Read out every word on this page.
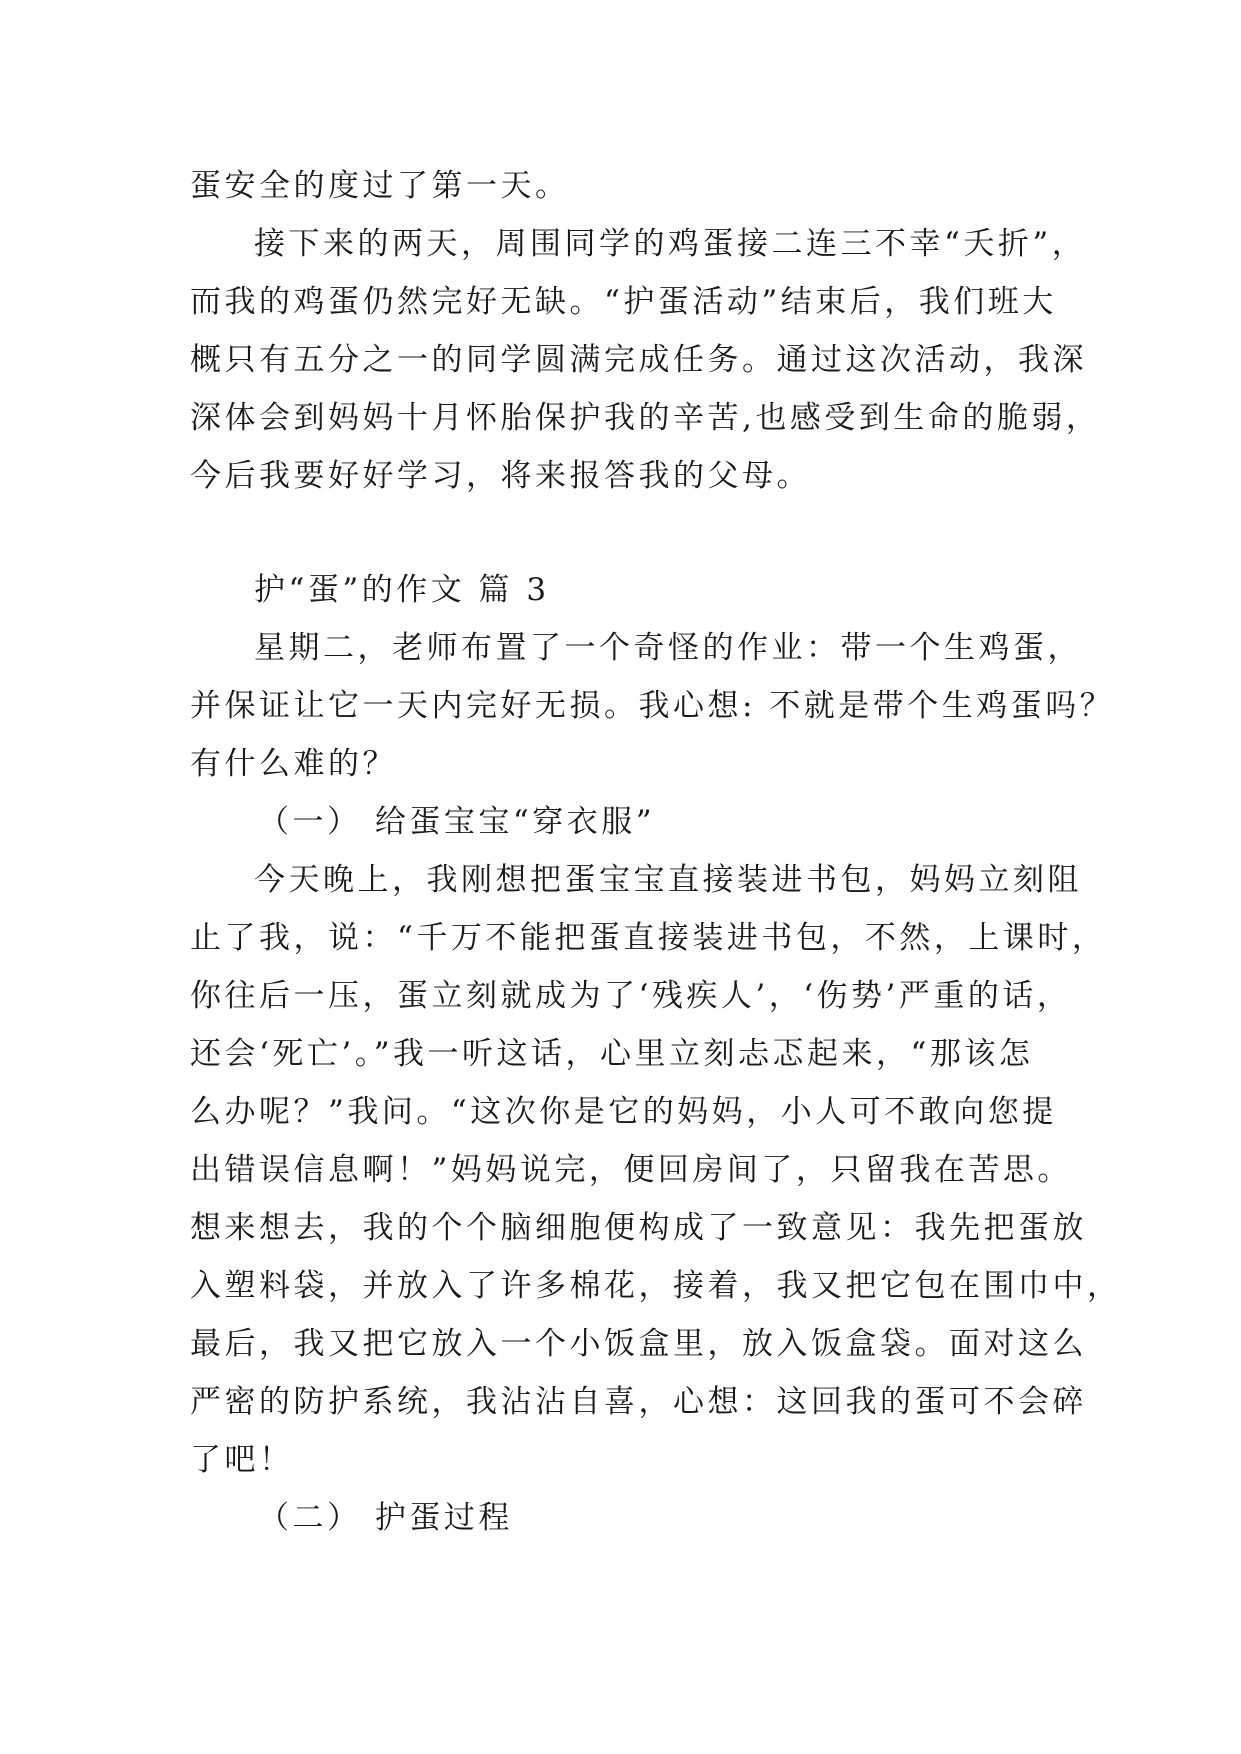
蛋安全的度过了第一天。

接下来的两天，周围同学的鸡蛋接二连三不幸“夭折”，

而我的鸡蛋仍然完好无缺。“护蛋活动”结束后，我们班大

概只有五分之一的同学圆满完成任务。通过这次活动，我深

深体会到妈妈十月怀胎保护我的辛苦,也感受到生命的脆弱，

今后我要好好学习，将来报答我的父母。

护“蛋”的作文 篇 3

星期二，老师布置了一个奇怪的作业：带一个生鸡蛋，

并保证让它一天内完好无损。我心想: 不就是带个生鸡蛋吗？

有什么难的？

（一） 给蛋宝宝“穿衣服”

今天晚上，我刚想把蛋宝宝直接装进书包，妈妈立刻阻

止了我，说：“千万不能把蛋直接装进书包，不然，上课时，

你往后一压，蛋立刻就成为了‘残疾人’，‘伤势’严重的话，

还会‘死亡’。”我一听这话，心里立刻忐忑起来，“那该怎

么办呢？”我问。“这次你是它的妈妈，小人可不敢向您提

出错误信息啊！”妈妈说完，便回房间了，只留我在苦思。

想来想去，我的个个脑细胞便构成了一致意见：我先把蛋放

入塑料袋，并放入了许多棉花，接着，我又把它包在围巾中，

最后，我又把它放入一个小饭盒里，放入饭盒袋。面对这么

严密的防护系统，我沾沾自喜，心想：这回我的蛋可不会碎

了吧！

（二） 护蛋过程
